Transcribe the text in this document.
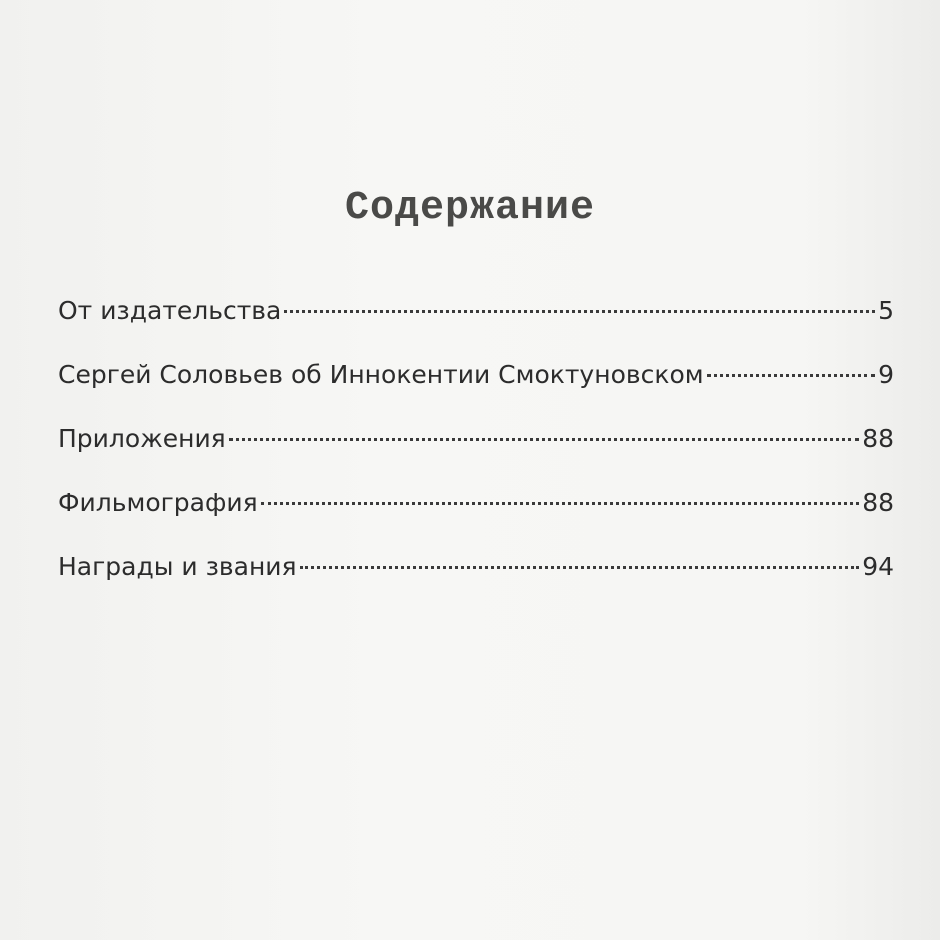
Содержание
От издательства	5
Сергей Соловьев об Иннокентии Смоктуновском	9
Приложения	88
Фильмография	88
Награды и звания	94
